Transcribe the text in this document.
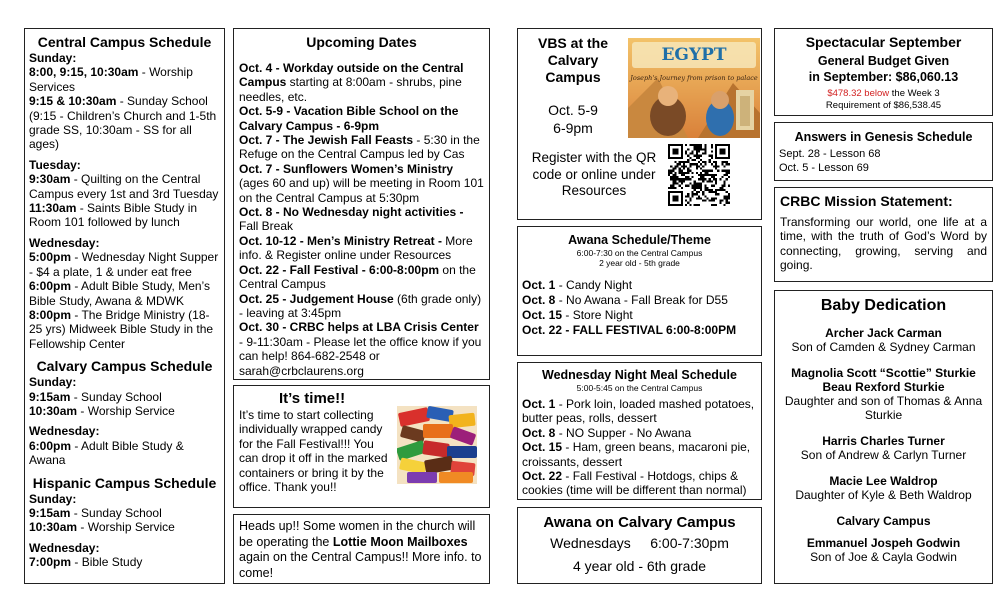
Central Campus Schedule
Sunday:
8:00, 9:15, 10:30am - Worship Services
9:15 & 10:30am - Sunday School (9:15 - Children’s Church and 1-5th grade SS, 10:30am - SS for all ages)
Tuesday:
9:30am - Quilting on the Central Campus every 1st and 3rd Tuesday
11:30am - Saints Bible Study in Room 101 followed by lunch
Wednesday:
5:00pm - Wednesday Night Supper - $4 a plate, 1 & under eat free
6:00pm - Adult Bible Study, Men’s Bible Study, Awana & MDWK
8:00pm - The Bridge Ministry (18-25 yrs) Midweek Bible Study in the Fellowship Center
Calvary Campus Schedule
Sunday:
9:15am - Sunday School
10:30am - Worship Service
Wednesday:
6:00pm - Adult Bible Study & Awana
Hispanic Campus Schedule
Sunday:
9:15am - Sunday School
10:30am - Worship Service
Wednesday:
7:00pm - Bible Study
Upcoming Dates
Oct. 4 - Workday outside on the Central Campus starting at 8:00am - shrubs, pine needles, etc.
Oct. 5-9 - Vacation Bible School on the Calvary Campus - 6-9pm
Oct. 7 - The Jewish Fall Feasts - 5:30 in the Refuge on the Central Campus led by Cas
Oct. 7 - Sunflowers Women’s Ministry (ages 60 and up) will be meeting in Room 101 on the Central Campus at 5:30pm
Oct. 8 - No Wednesday night activities - Fall Break
Oct. 10-12 - Men’s Ministry Retreat - More info. & Register online under Resources
Oct. 22 - Fall Festival - 6:00-8:00pm on the Central Campus
Oct. 25 - Judgement House (6th grade only) - leaving at 3:45pm
Oct. 30 - CRBC helps at LBA Crisis Center - 9-11:30am - Please let the office know if you can help! 864-682-2548 or sarah@crbclaurens.org
It’s time!!
It’s time to start collecting individually wrapped candy for the Fall Festival!!! You can drop it off in the marked containers or bring it by the office. Thank you!!
Heads up!! Some women in the church will be operating the Lottie Moon Mailboxes again on the Central Campus!! More info. to come!
VBS at the Calvary Campus
Oct. 5-9
6-9pm
Register with the QR code or online under Resources
EGYPT
Joseph's Journey from prison to palace
Awana Schedule/Theme
6:00-7:30 on the Central Campus
2 year old - 5th grade
Oct. 1 - Candy Night
Oct. 8 - No Awana - Fall Break for D55
Oct. 15 - Store Night
Oct. 22 - FALL FESTIVAL 6:00-8:00PM
Wednesday Night Meal Schedule
5:00-5:45 on the Central Campus
Oct. 1 - Pork loin, loaded mashed potatoes, butter peas, rolls, dessert
Oct. 8 - NO Supper - No Awana
Oct. 15 - Ham, green beans, macaroni pie, croissants, dessert
Oct. 22 - Fall Festival - Hotdogs, chips & cookies (time will be different than normal)
Awana on Calvary Campus
Wednesdays     6:00-7:30pm
4 year old - 6th grade
Spectacular September
General Budget Given
in September: $86,060.13
$478.32 below the Week 3
Requirement of $86,538.45
Answers in Genesis Schedule
Sept. 28 - Lesson 68
Oct. 5 - Lesson 69
CRBC Mission Statement:
Transforming our world, one life at a time, with the truth of God’s Word by connecting, growing, serving and going.
Baby Dedication
Archer Jack Carman
Son of Camden & Sydney Carman
Magnolia Scott “Scottie” Sturkie
Beau Rexford Sturkie
Daughter and son of Thomas & Anna Sturkie
Harris Charles Turner
Son of Andrew & Carlyn Turner
Macie Lee Waldrop
Daughter of Kyle & Beth Waldrop
Calvary Campus
Emmanuel Jospeh Godwin
Son of Joe & Cayla Godwin
